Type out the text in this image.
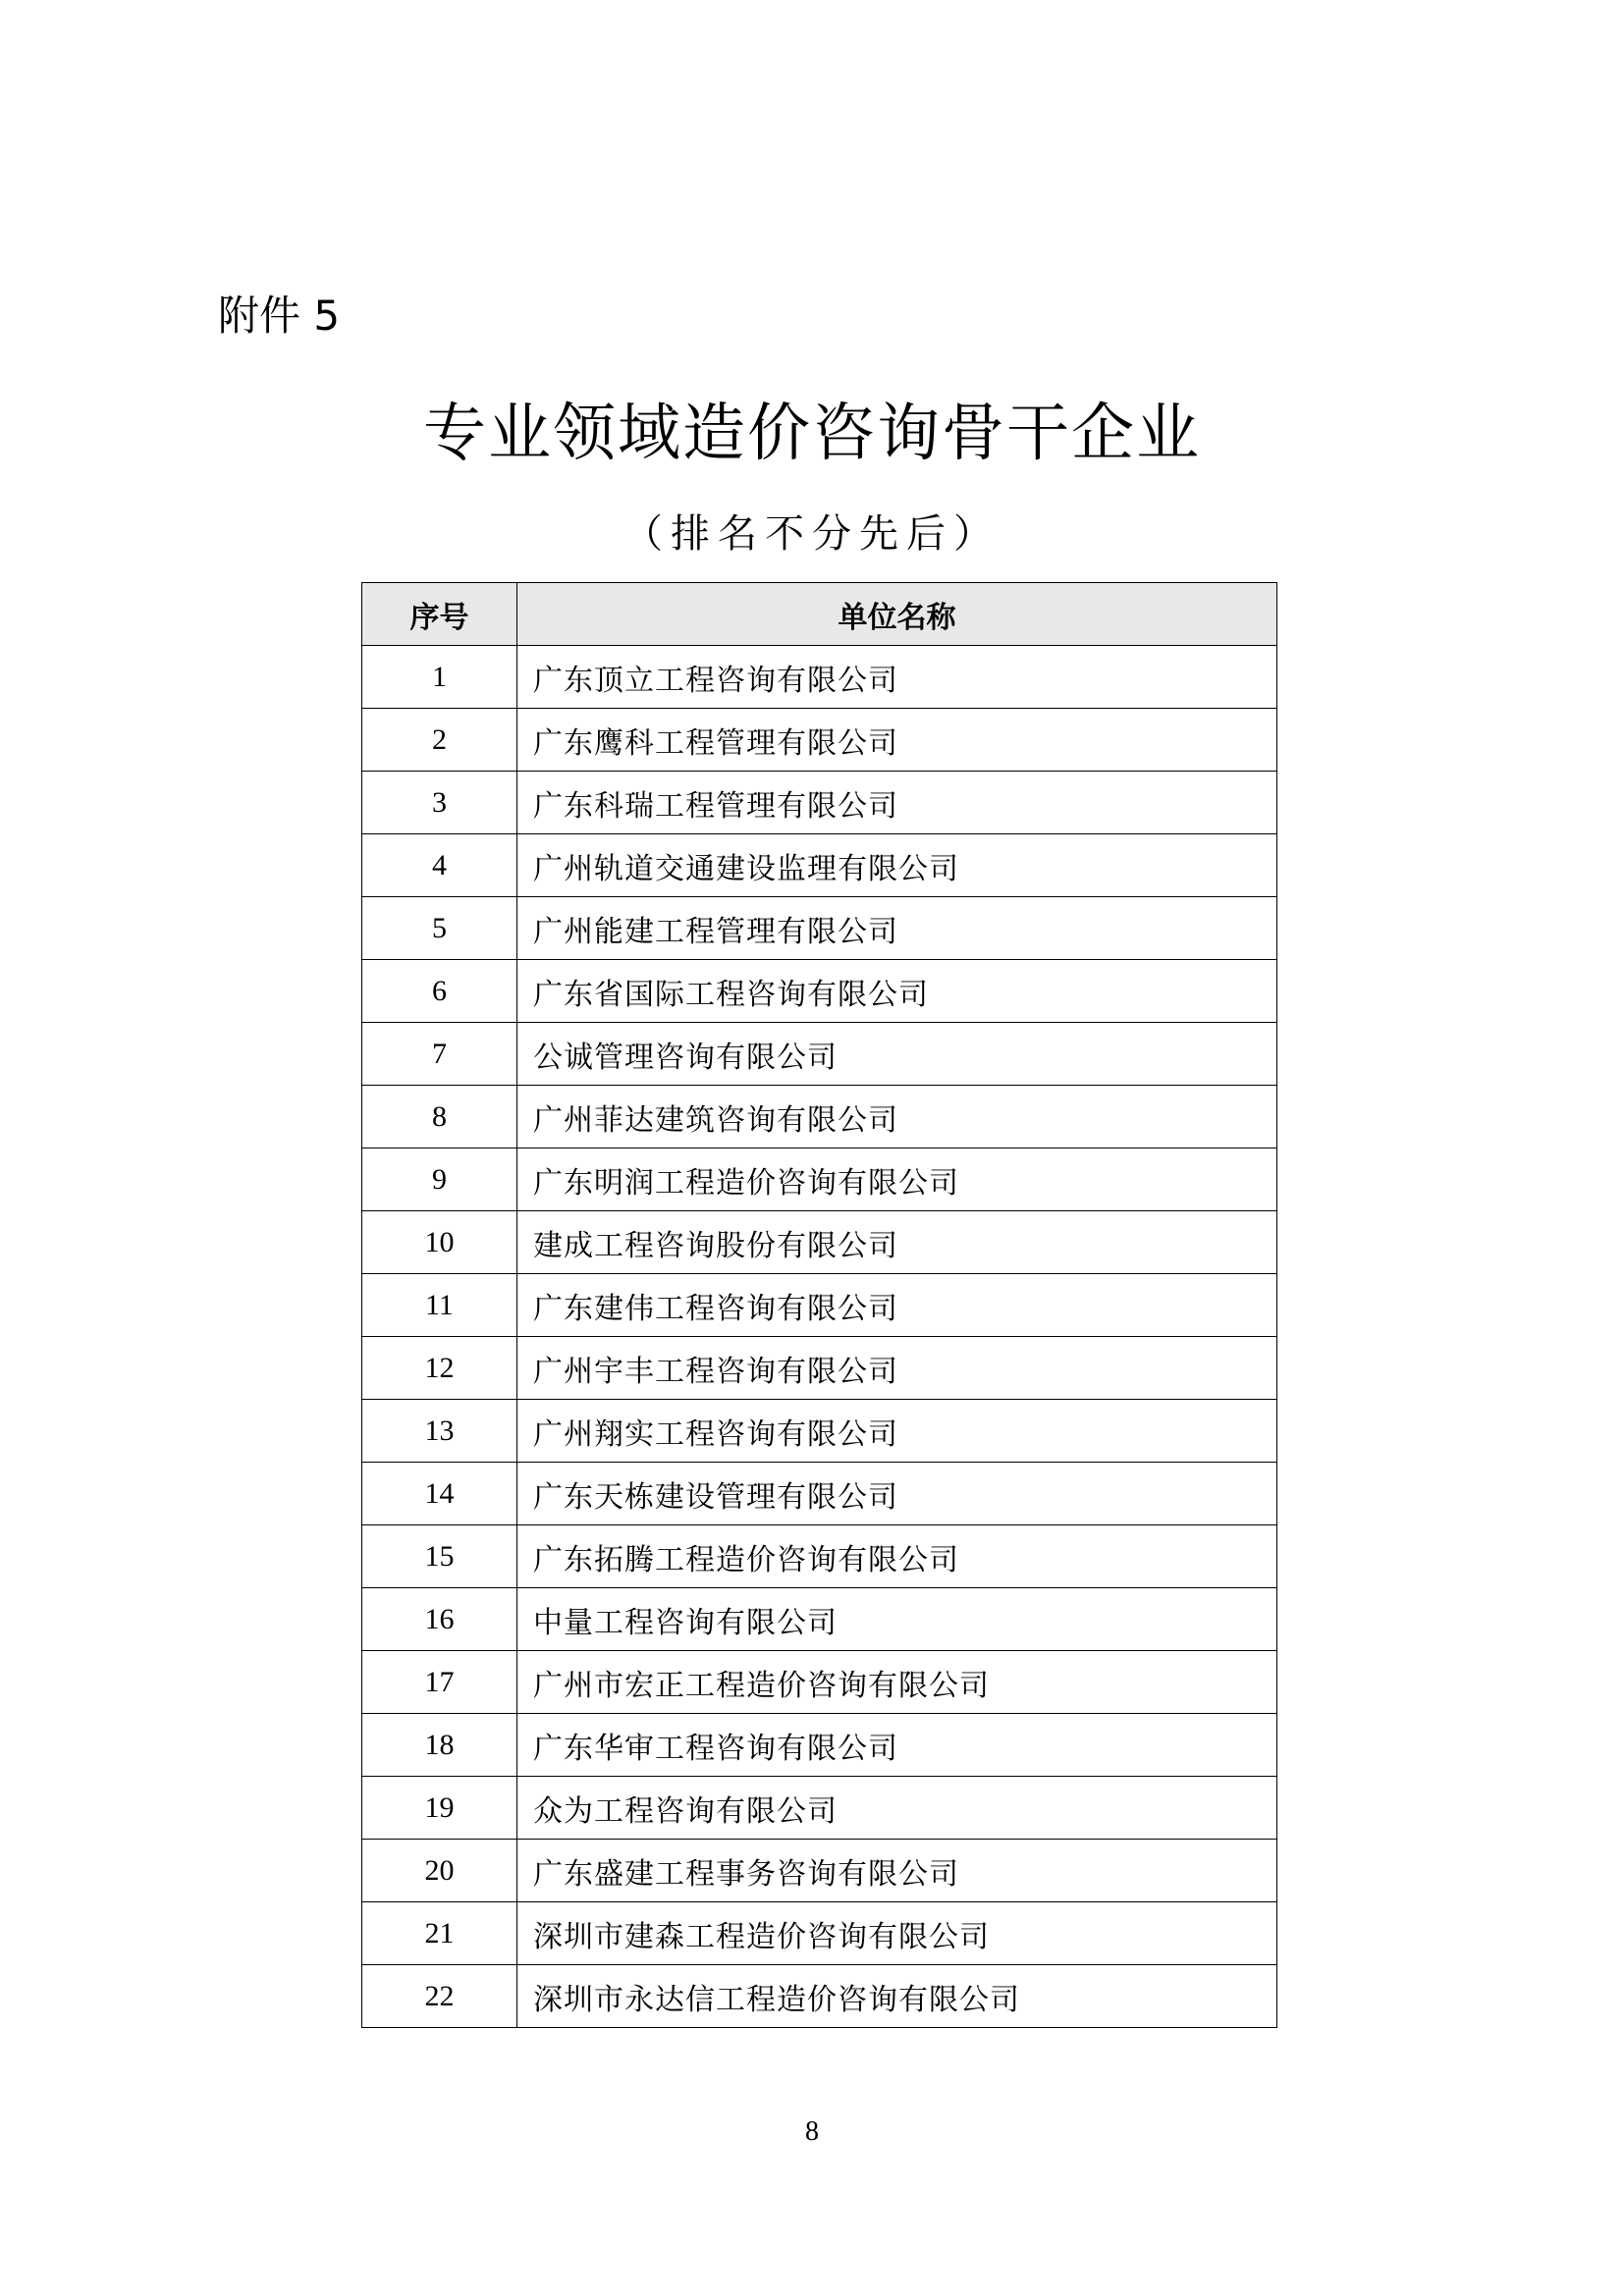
附件 5
专业领域造价咨询骨干企业
（排名不分先后）
序号	单位名称
1	广东顶立工程咨询有限公司
2	广东鹰科工程管理有限公司
3	广东科瑞工程管理有限公司
4	广州轨道交通建设监理有限公司
5	广州能建工程管理有限公司
6	广东省国际工程咨询有限公司
7	公诚管理咨询有限公司
8	广州菲达建筑咨询有限公司
9	广东明润工程造价咨询有限公司
10	建成工程咨询股份有限公司
11	广东建伟工程咨询有限公司
12	广州宇丰工程咨询有限公司
13	广州翔实工程咨询有限公司
14	广东天栋建设管理有限公司
15	广东拓腾工程造价咨询有限公司
16	中量工程咨询有限公司
17	广州市宏正工程造价咨询有限公司
18	广东华审工程咨询有限公司
19	众为工程咨询有限公司
20	广东盛建工程事务咨询有限公司
21	深圳市建森工程造价咨询有限公司
22	深圳市永达信工程造价咨询有限公司
8
